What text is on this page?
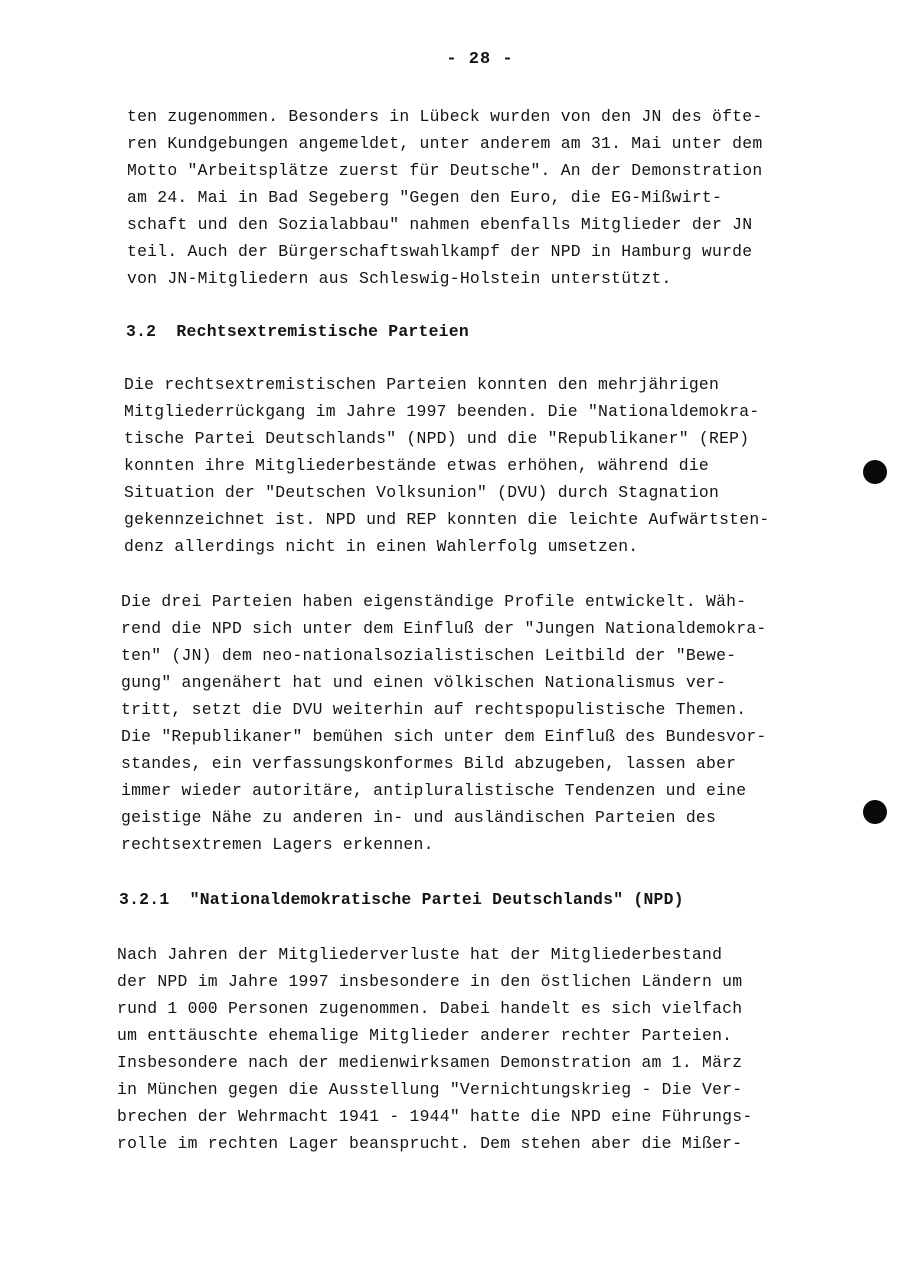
- 28 -
ten zugenommen. Besonders in Lübeck wurden von den JN des öfte-
ren Kundgebungen angemeldet, unter anderem am 31. Mai unter dem
Motto "Arbeitsplätze zuerst für Deutsche". An der Demonstration
am 24. Mai in Bad Segeberg "Gegen den Euro, die EG-Mißwirt-
schaft und den Sozialabbau" nahmen ebenfalls Mitglieder der JN
teil. Auch der Bürgerschaftswahlkampf der NPD in Hamburg wurde
von JN-Mitgliedern aus Schleswig-Holstein unterstützt.
3.2  Rechtsextremistische Parteien
Die rechtsextremistischen Parteien konnten den mehrjährigen
Mitgliederrückgang im Jahre 1997 beenden. Die "Nationaldemokra-
tische Partei Deutschlands" (NPD) und die "Republikaner" (REP)
konnten ihre Mitgliederbestände etwas erhöhen, während die
Situation der "Deutschen Volksunion" (DVU) durch Stagnation
gekennzeichnet ist. NPD und REP konnten die leichte Aufwärtsten-
denz allerdings nicht in einen Wahlerfolg umsetzen.
Die drei Parteien haben eigenständige Profile entwickelt. Wäh-
rend die NPD sich unter dem Einfluß der "Jungen Nationaldemokra-
ten" (JN) dem neo-nationalsozialistischen Leitbild der "Bewe-
gung" angenähert hat und einen völkischen Nationalismus ver-
tritt, setzt die DVU weiterhin auf rechtspopulistische Themen.
Die "Republikaner" bemühen sich unter dem Einfluß des Bundesvor-
standes, ein verfassungskonformes Bild abzugeben, lassen aber
immer wieder autoritäre, antipluralistische Tendenzen und eine
geistige Nähe zu anderen in- und ausländischen Parteien des
rechtsextremen Lagers erkennen.
3.2.1  "Nationaldemokratische Partei Deutschlands" (NPD)
Nach Jahren der Mitgliederverluste hat der Mitgliederbestand
der NPD im Jahre 1997 insbesondere in den östlichen Ländern um
rund 1 000 Personen zugenommen. Dabei handelt es sich vielfach
um enttäuschte ehemalige Mitglieder anderer rechter Parteien.
Insbesondere nach der medienwirksamen Demonstration am 1. März
in München gegen die Ausstellung "Vernichtungskrieg - Die Ver-
brechen der Wehrmacht 1941 - 1944" hatte die NPD eine Führungs-
rolle im rechten Lager beansprucht. Dem stehen aber die Mißer-
